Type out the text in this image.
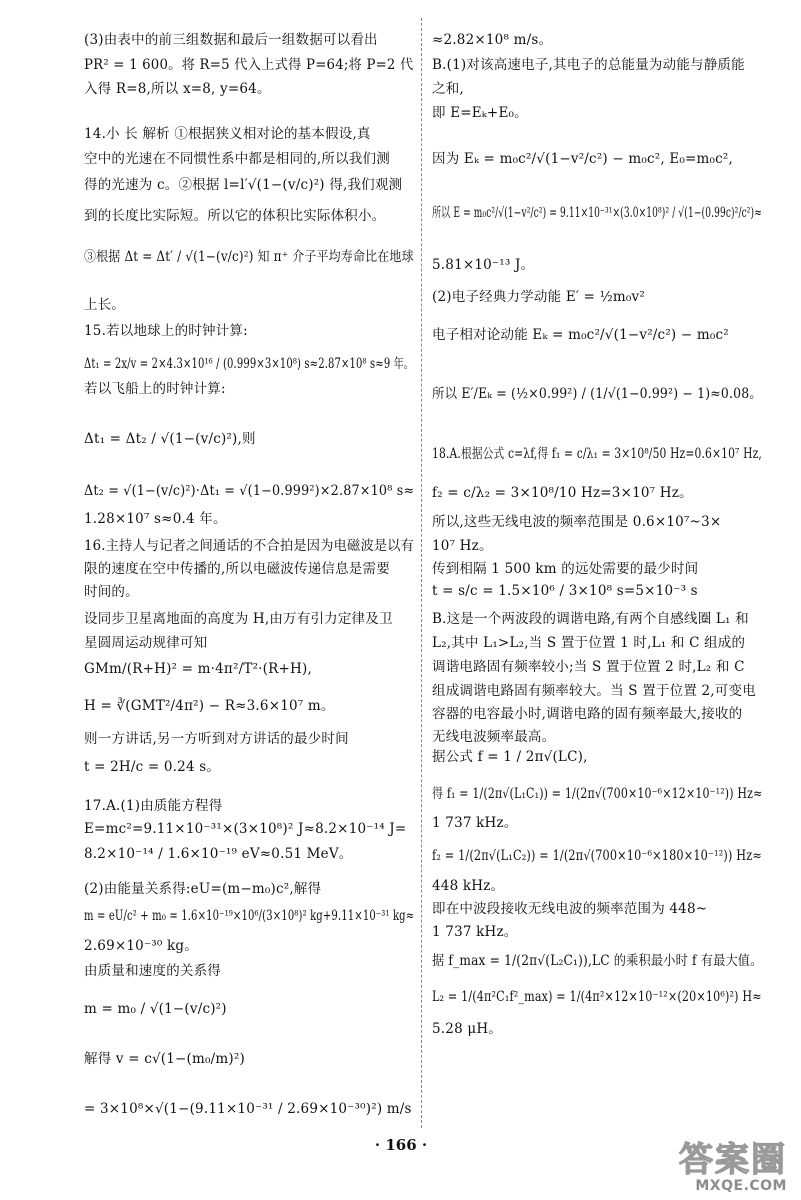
(3)由表中的前三组数据和最后一组数据可以看出
PR² = 1 600。将 R=5 代入上式得 P=64;将 P=2 代
入得 R=8,所以 x=8, y=64。
14.小 长 解析 ①根据狭义相对论的基本假设,真
空中的光速在不同惯性系中都是相同的,所以我们测
得的光速为 c。②根据 l=l′√(1−(v/c)²) 得,我们观测
到的长度比实际短。所以它的体积比实际体积小。
③根据 Δt = Δt′ / √(1−(v/c)²) 知 π⁺ 介子平均寿命比在地球
上长。
15.若以地球上的时钟计算:
Δt₁ = 2x/v = 2×4.3×10¹⁶ / (0.999×3×10⁸) s≈2.87×10⁸ s≈9 年。
若以飞船上的时钟计算:
Δt₁ = Δt₂ / √(1−(v/c)²),则
Δt₂ = √(1−(v/c)²)·Δt₁ = √(1−0.999²)×2.87×10⁸ s≈
1.28×10⁷ s≈0.4 年。
16.主持人与记者之间通话的不合拍是因为电磁波是以有
限的速度在空中传播的,所以电磁波传递信息是需要
时间的。
设同步卫星离地面的高度为 H,由万有引力定律及卫
星圆周运动规律可知
GMm/(R+H)² = m·4π²/T²·(R+H),
H = ∛(GMT²/4π²) − R≈3.6×10⁷ m。
则一方讲话,另一方听到对方讲话的最少时间
t = 2H/c = 0.24 s。
17.A.(1)由质能方程得
E=mc²=9.11×10⁻³¹×(3×10⁸)² J≈8.2×10⁻¹⁴ J=
8.2×10⁻¹⁴ / 1.6×10⁻¹⁹ eV≈0.51 MeV。
(2)由能量关系得:eU=(m−m₀)c²,解得
m = eU/c² + m₀ = 1.6×10⁻¹⁹×10⁶/(3×10⁸)² kg+9.11×10⁻³¹ kg≈
2.69×10⁻³⁰ kg。
由质量和速度的关系得
m = m₀ / √(1−(v/c)²)
解得 v = c√(1−(m₀/m)²)
= 3×10⁸×√(1−(9.11×10⁻³¹ / 2.69×10⁻³⁰)²) m/s
≈2.82×10⁸ m/s。
B.(1)对该高速电子,其电子的总能量为动能与静质能
之和,
即 E=Eₖ+E₀。
因为 Eₖ = m₀c²/√(1−v²/c²) − m₀c², E₀=m₀c²,
所以 E = m₀c²/√(1−v²/c²) = 9.11×10⁻³¹×(3.0×10⁸)² / √(1−(0.99c)²/c²)≈
5.81×10⁻¹³ J。
(2)电子经典力学动能 E′ = ½m₀v²
电子相对论动能 Eₖ = m₀c²/√(1−v²/c²) − m₀c²
所以 E′/Eₖ = (½×0.99²) / (1/√(1−0.99²) − 1)≈0.08。
18.A.根据公式 c=λf,得 f₁ = c/λ₁ = 3×10⁸/50 Hz=0.6×10⁷ Hz,
f₂ = c/λ₂ = 3×10⁸/10 Hz=3×10⁷ Hz。
所以,这些无线电波的频率范围是 0.6×10⁷~3×
10⁷ Hz。
传到相隔 1 500 km 的远处需要的最少时间
t = s/c = 1.5×10⁶ / 3×10⁸ s=5×10⁻³ s
B.这是一个两波段的调谐电路,有两个自感线圈 L₁ 和
L₂,其中 L₁>L₂,当 S 置于位置 1 时,L₁ 和 C 组成的
调谐电路固有频率较小;当 S 置于位置 2 时,L₂ 和 C
组成调谐电路固有频率较大。当 S 置于位置 2,可变电
容器的电容最小时,调谐电路的固有频率最大,接收的
无线电波频率最高。
据公式 f = 1 / 2π√(LC),
得 f₁ = 1/(2π√(L₁C₁)) = 1/(2π√(700×10⁻⁶×12×10⁻¹²)) Hz≈
1 737 kHz。
f₂ = 1/(2π√(L₁C₂)) = 1/(2π√(700×10⁻⁶×180×10⁻¹²)) Hz≈
448 kHz。
即在中波段接收无线电波的频率范围为 448~
1 737 kHz。
据 f_max = 1/(2π√(L₂C₁)),LC 的乘积最小时 f 有最大值。
L₂ = 1/(4π²C₁f²_max) = 1/(4π²×12×10⁻¹²×(20×10⁶)²) H≈
5.28 μH。
· 166 ·	答案圈
MXQE.COM
